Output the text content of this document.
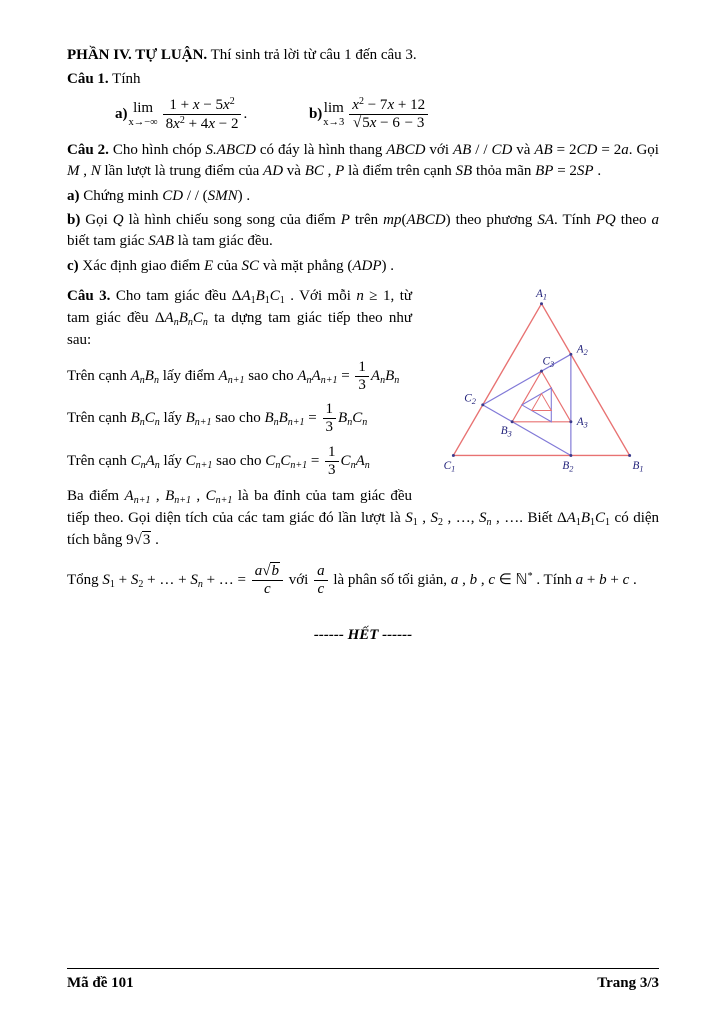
PHẦN IV. TỰ LUẬN. Thí sinh trả lời từ câu 1 đến câu 3.

Câu 1. Tính

a) lim
$x\to-\infty \frac{1 + x - 5x^2}{8x^2 + 4x - 2}$ .
	b) lim
$x\to 3 \frac{x^2 - 7x + 12}{√5x - 6 - 3}$

Câu 2. Cho hình chóp S.ABCD có đáy là hình thang ABCD với AB / / CD và AB = 2CD = 2a. Gọi M , N lần lượt là trung điểm của AD và BC , P là điểm trên cạnh SB thỏa mãn BP = 2SP .

a) Chứng minh CD / / (SMN) .

b) Gọi Q là hình chiếu song song của điểm P trên mp(ABCD) theo phương SA. Tính PQ theo a biết tam giác SAB là tam giác đều.

c) Xác định giao điểm E của SC và mặt phẳng (ADP) .

$A_1$
$A_2$
$C_2$
$C_3$
$B_3$
$A_3$
$C_1$	$B_2$	$B_1$

Câu 3. Cho tam giác đều $\Delta A_1B_1C_1$ . Với mỗi n ≥ 1, từ tam giác đều $\Delta A_nB_nC_n$ ta dựng tam giác tiếp theo như sau:

Trên cạnh $A_nB_n$ lấy điểm $A_{n+1}$ sao cho $A_nA_{n+1} = \frac{1}{3} A_nB_n$

Trên cạnh $B_nC_n$ lấy $B_{n+1}$ sao cho $B_nB_{n+1} = \frac{1}{3} B_nC_n$

Trên cạnh $C_nA_n$ lấy $C_{n+1}$ sao cho $C_nC_{n+1} = \frac{1}{3} C_nA_n$

Ba điểm $A_{n+1}$ , $B_{n+1}$ , $C_{n+1}$ là ba đỉnh của tam giác đều tiếp theo. Gọi diện tích của các tam giác đó lần lượt là $S_1$ , $S_2$ , …, $S_n$ , …. Biết $\Delta A_1B_1C_1$ có diện tích bằng 9√3 .

Tổng $S_1 + S_2$ + … + $S_n$ + … = $\frac{a√b}{c}$ với $\frac{a}{c}$ là phân số tối giản, a , b , c ∈ ℕ* . Tính a + b + c .

------ HẾT ------

Mã đề 101	Trang 3/3
